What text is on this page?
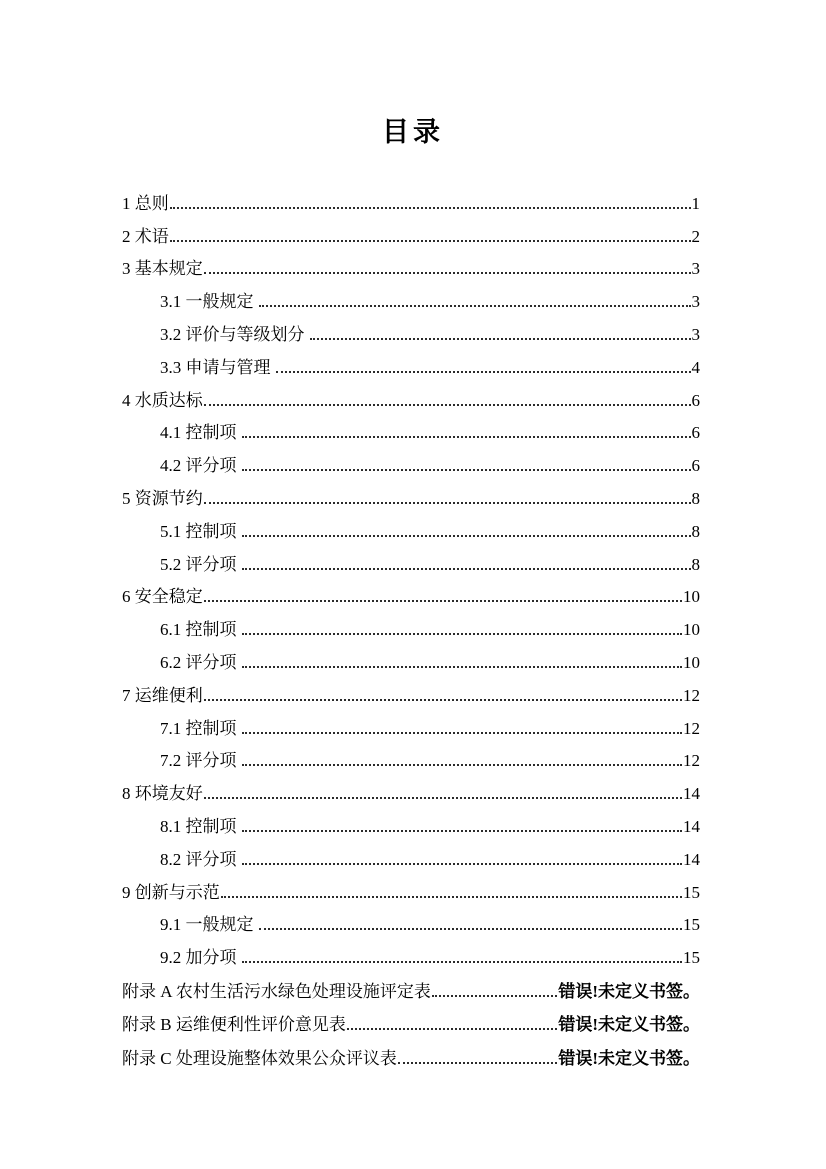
目录
1 总则	1
2 术语	2
3 基本规定	3
3.1 一般规定	3
3.2 评价与等级划分	3
3.3 申请与管理	4
4 水质达标	6
4.1 控制项	6
4.2 评分项	6
5 资源节约	8
5.1 控制项	8
5.2 评分项	8
6 安全稳定	10
6.1 控制项	10
6.2 评分项	10
7 运维便利	12
7.1 控制项	12
7.2 评分项	12
8 环境友好	14
8.1 控制项	14
8.2 评分项	14
9 创新与示范	15
9.1 一般规定	15
9.2 加分项	15
附录 A 农村生活污水绿色处理设施评定表	错误!未定义书签。
附录 B 运维便利性评价意见表	错误!未定义书签。
附录 C 处理设施整体效果公众评议表	错误!未定义书签。
